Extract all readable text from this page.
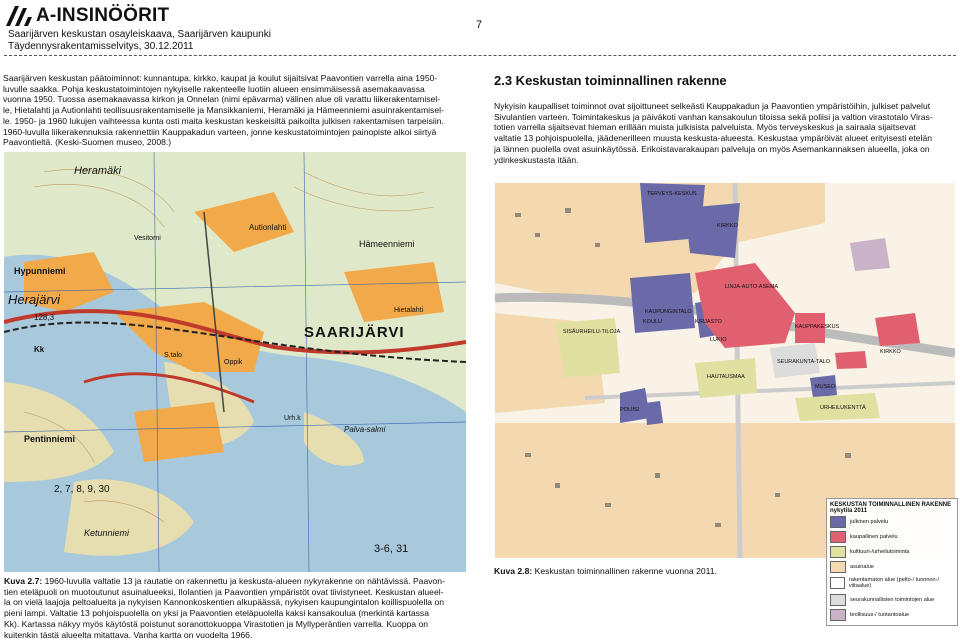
A-INSINÖÖRIT
Saarijärven keskustan osayleiskaava, Saarijärven kaupunki
Täydennysrakentamisselvitys, 30.12.2011
7
Saarijärven keskustan päätoiminnot: kunnantupa, kirkko, kaupat ja koulut sijaitsivat Paavontien varrella aina 1950-
luvulle saakka. Pohja keskustatoimintojen nykyiselle rakenteelle luotiin alueen ensimmäisessä asemakaavassa
vuonna 1950. Tuossa asemakaavassa kirkon ja Onnelan (nimi epävarma) välinen alue oli varattu liikerakentamisel-
le, Hietalahti ja Autionlahti teollisuusrakentamiselle ja Mansikkaniemi, Heramäki ja Hämeenniemi asuinrakentamisel-
le. 1950- ja 1960 lukujen vaihteessa kunta osti maita keskustan keskeisiltä paikoilta julkisen rakentamisen tarpeisiin.
1960-luvulla liikerakennuksia rakennettiin Kauppakadun varteen, jonne keskustatoimintojen painopiste alkoi siirtyä
Paavontieltä. (Keski-Suomen museo, 2008.)
2.3 Keskustan toiminnallinen rakenne
Nykyisin kaupalliset toiminnot ovat sijoittuneet selkeästi Kauppakadun ja Paavontien ympäristöihin, julkiset palvelut
Sivulantien varteen. Toimintakeskus ja päiväkoti vanhan kansakoulun tiloissa sekä poliisi ja valtion virastotalo Viras-
totien varrella sijaitsevat hieman erillään muista julkisista palveluista. Myös terveyskeskus ja sairaala sijaitsevat
valtatie 13 pohjoispuolella, jäädenerilleen muusta keskusta-alueesta. Keskustaa ympäröivät alueet erityisesti etelän
ja lännen puolella ovat asuinkäytössä. Erikoistavarakaupan palveluja on myös Asemankannaksen alueella, joka on
ydinkeskustasta itään.
Heramäki
Vesitorni
Autionlahti
Hämeenniemi
Hypunniemi
Herajärvi
128,3
SAARIJÄRVI
Pentinniemi
Ketunniemi
Hietalahti
Kk
S.talo
Oppik
Urh.k
Palva-salmi
2, 7, 8, 9, 30
3-6, 31
TERVEYS-KESKUS
KIRKKO
KAUPUNGINTALO
KOULU
LINJA-AUTO-ASEMA
KIRJASTO
LUKIO
SISÄURHEILU-TILOJA
HAUTAUSMAA
KIRKKO
URHEILUKENTTÄ
SEURAKUNTA-TALO
MUSEO
KAUPPAKESKUS
POLIISI
KESKUSTAN TOIMINNALLINEN RAKENNE nykytila 2011
julkinen palvelu
kaupallinen palvelu
kulttuuri-/urheilutoiminta
asuinalue
rakentamaton alue (pelto-/ luonnon-/ viitaalue)
seurakunnallisten toimintojen alue
teollisuus-/ tuotantoalue
Kuva 2.7: 1960-luvulla valtatie 13 ja rautatie on rakennettu ja keskusta-alueen nykyrakenne on nähtävissä. Paavon-
tien eteläpuoli on muotoutunut asuinalueeksi, Ilolantien ja Paavontien ympäristöt ovat tiivistyneet. Keskustan alueel-
la on vielä laajoja peltoalueita ja nykyisen Kannonkoskentien alkupäässä, nykyisen kaupungintalon koillispuolella on
pieni lampi. Valtatie 13 pohjoispuolella on yksi ja Paavontien eteläpuolella kaksi kansakoulua (merkintä kartassa
Kk). Kartassa näkyy myös käytöstä poistunut soranottokuoppa Virastotien ja Myllyperäntien varrella. Kuoppa on
kuitenkin tästä alueelta mitattava. Vanha kartta on vuodelta 1966.
Kuva 2.8: Keskustan toiminnallinen rakenne vuonna 2011.
